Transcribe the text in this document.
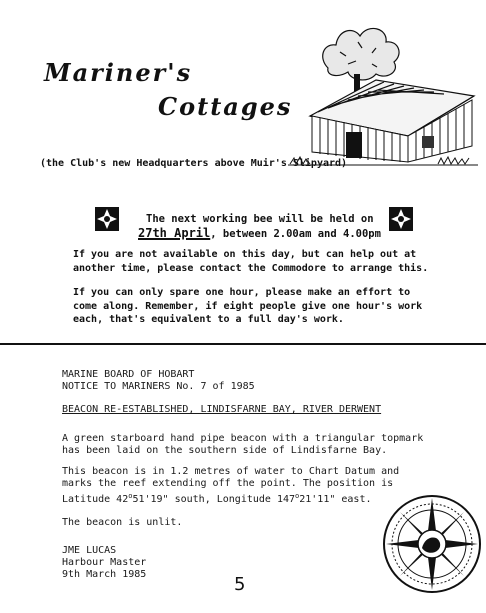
Mariner's
Cottages
(the Club's new Headquarters above Muir's Slipyard)
The next working bee will be held on
27th April, between 2.00am and 4.00pm
If you are not available on this day, but can help out at
another time, please contact the Commodore to arrange this.
If you can only spare one hour, please make an effort to
come along. Remember, if eight people give one hour's work
each, that's equivalent to a full day's work.
MARINE BOARD OF HOBART
NOTICE TO MARINERS No. 7 of 1985
BEACON RE-ESTABLISHED, LINDISFARNE BAY, RIVER DERWENT
A green starboard hand pipe beacon with a triangular topmark
has been laid on the southern side of Lindisfarne Bay.
This beacon is in 1.2 metres of water to Chart Datum and
marks the reef extending off the point. The position is
Latitude 42$^o$51'19" south, Longitude 147$^o$21'11" east.
The beacon is unlit.
JME LUCAS
Harbour Master
9th March 1985	5
